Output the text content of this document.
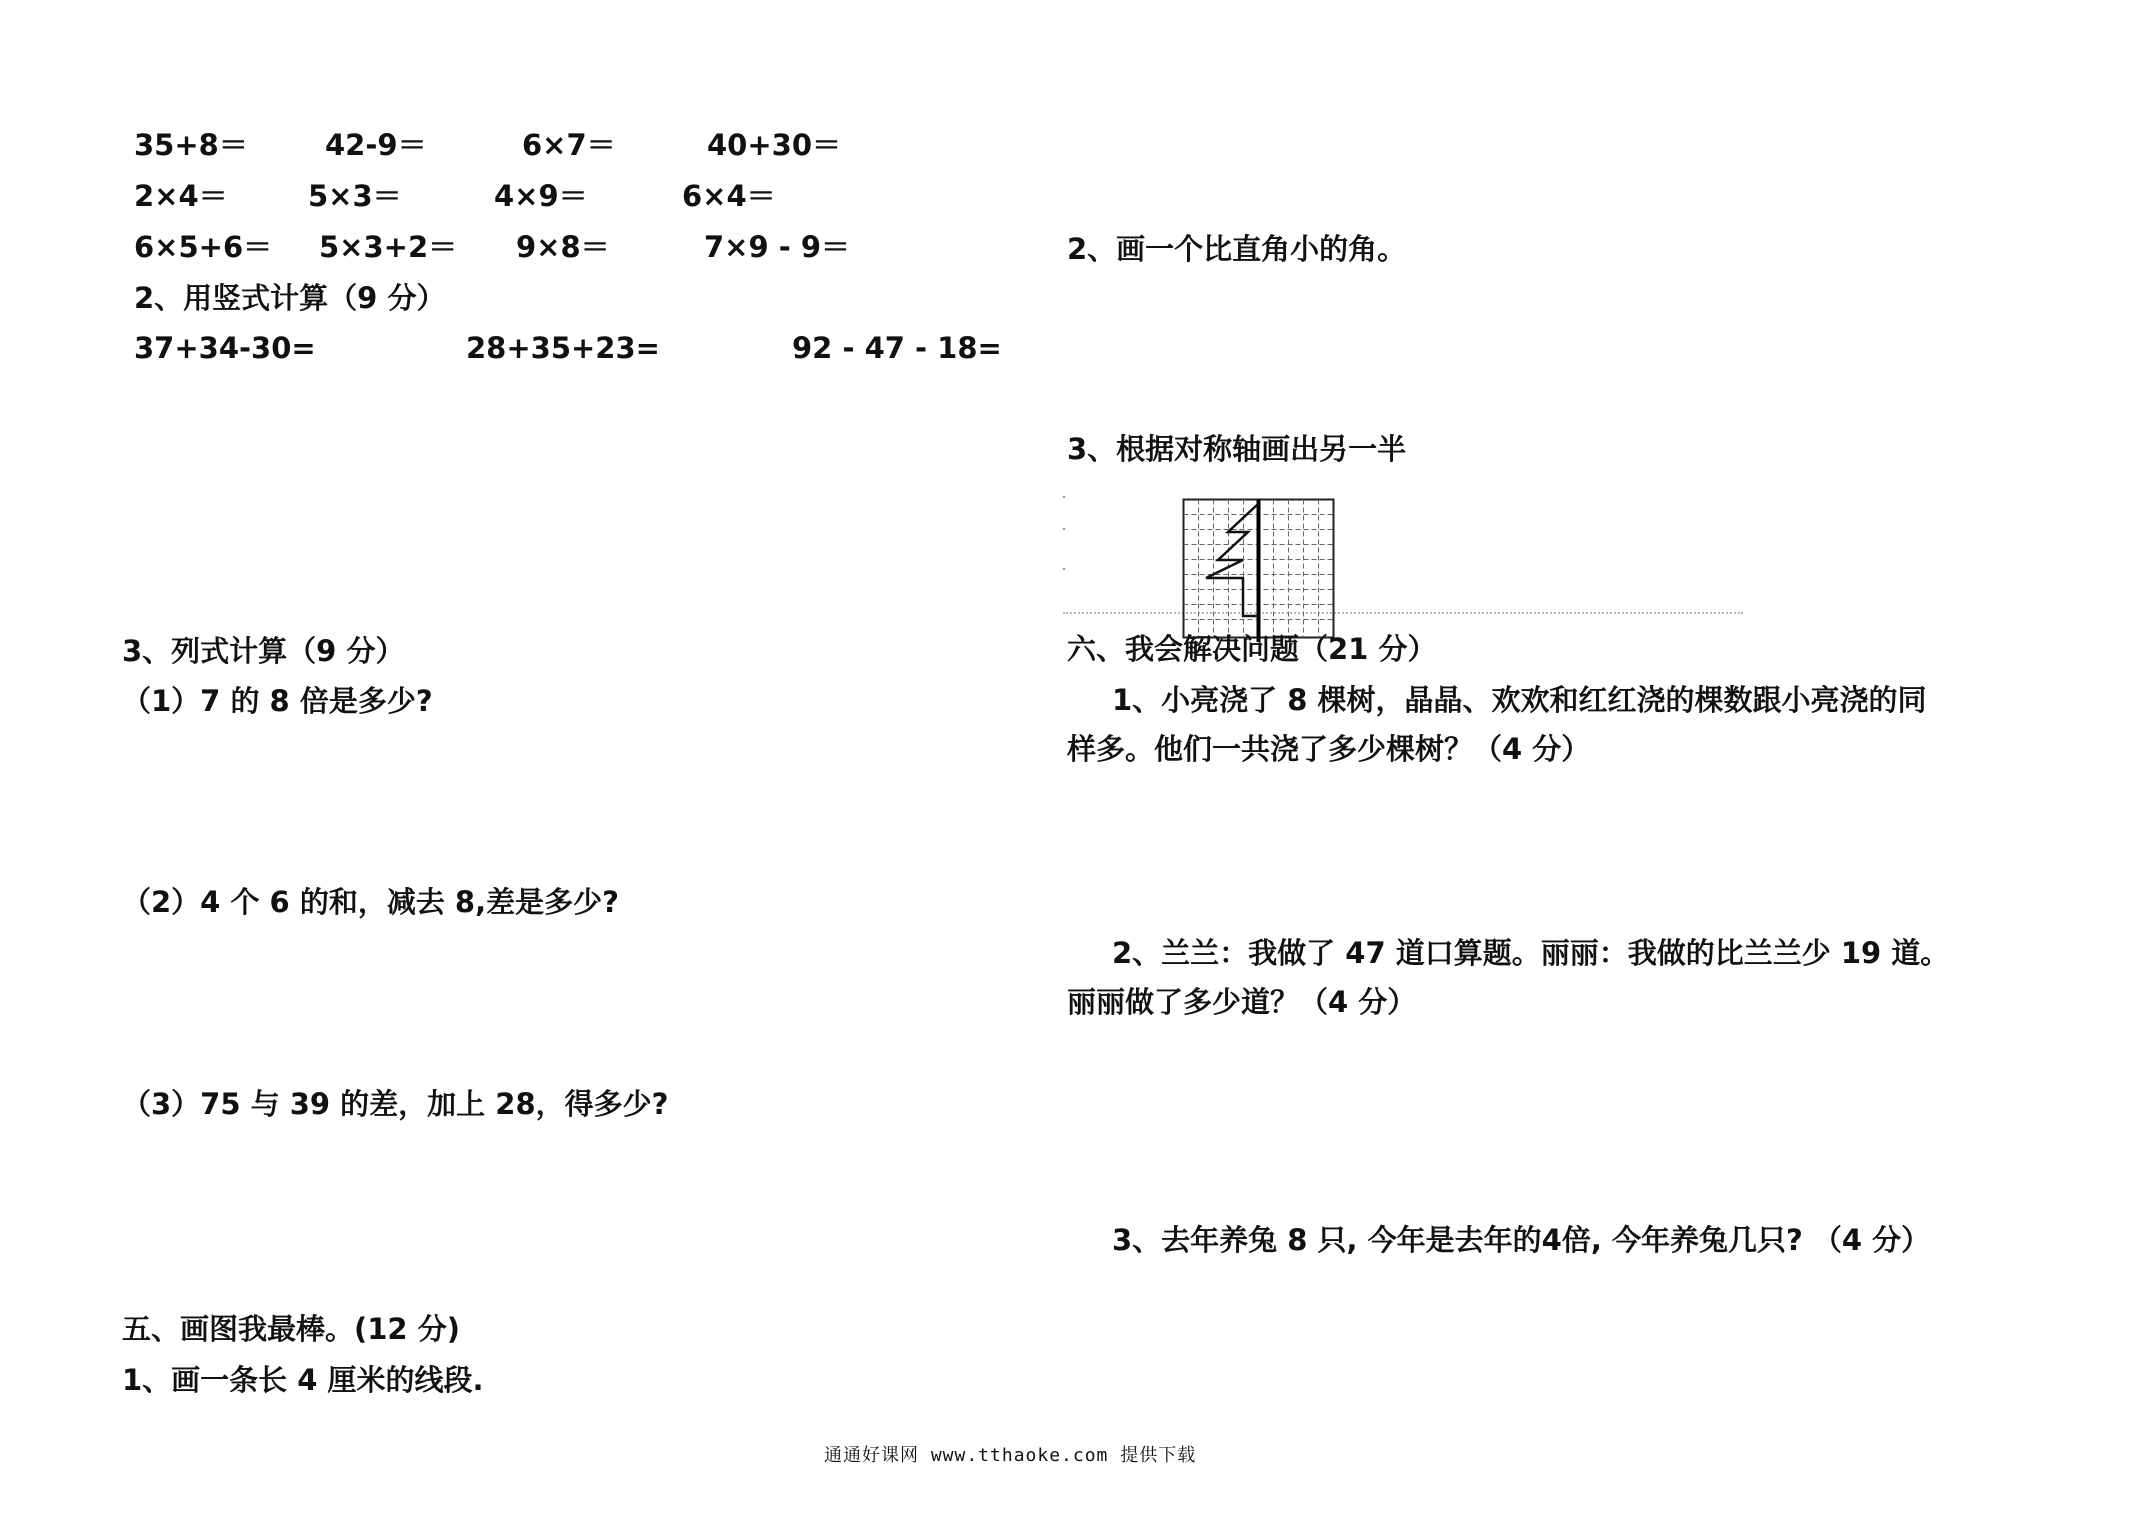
35+8＝	42-9＝	6×7＝	40+30＝
2×4＝	5×3＝	4×9＝	6×4＝
6×5+6＝ 5×3+2＝ 9×8＝	7×9 - 9＝
2、用竖式计算（9 分）
37+34-30=	28+35+23=	92 - 47 - 18=
3、列式计算（9 分）
（1）7 的 8 倍是多少?
（2）4 个 6 的和，减去 8,差是多少?
（3）75 与 39 的差，加上 28，得多少?
五、画图我最棒。(12 分)
1、画一条长 4 厘米的线段.
2、画一个比直角小的角。
3、根据对称轴画出另一半
六、我会解决问题（21 分）
1、小亮浇了 8 棵树，晶晶、欢欢和红红浇的棵数跟小亮浇的同
样多。他们一共浇了多少棵树？（4 分）
2、兰兰：我做了 47 道口算题。丽丽：我做的比兰兰少 19 道。
丽丽做了多少道？（4 分）
3、去年养兔 8 只, 今年是去年的4倍, 今年养兔几只? （4 分）
通通好课网 www.tthaoke.com 提供下载
